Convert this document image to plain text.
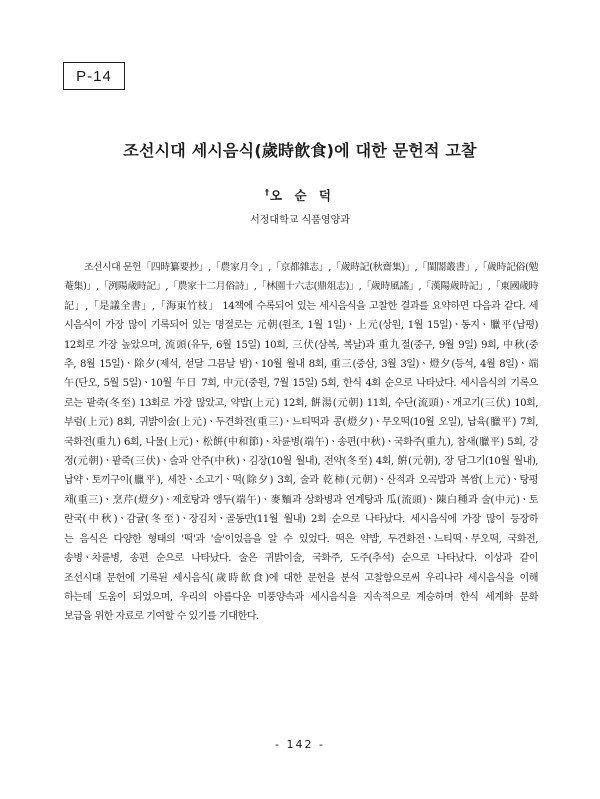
P-14
조선시대 세시음식(歲時飮食)에 대한 문헌적 고찰
†오 순 덕
서정대학교 식품영양과
조선시대 문헌「四時纂要抄」,「農家月令」,「京都雜志」,「歲時記(秋齋集)」,「閨閤叢書」,「歲時記俗(勉
菴集)」,「洌陽歲時記」,「農家十二月俗詩」,「林園十六志(鼎俎志)」,「歲時風謠」,「漢陽歲時記」,「東國歲時
記」,「是議全書」,「海東竹枝」 14책에 수록되어 있는 세시음식을 고찰한 결과를 요약하면 다음과 같다. 세
시음식이 가장 많이 기록되어 있는 명절로는 元朝(원조, 1월 1일)ㆍ上元(상원, 1월 15일)ㆍ동지ㆍ臘平(납평)
12회로 가장 높았으며, 流頭(유두, 6월 15일) 10회, 三伏(삼복, 복날)과 重九절(중구, 9월 9일) 9회, 中秋(중
추, 8월 15일)ㆍ除夕(제석, 섣달 그믐날 밤)ㆍ10월 월내 8회, 重三(중삼, 3월 3일)ㆍ燈夕(등석, 4월 8일)ㆍ端
午(단오, 5월 5일)ㆍ10월 午日 7회, 中元(중원, 7월 15일) 5회, 한식 4회 순으로 나타났다. 세시음식의 기록으
로는 팥죽(冬至) 13회로 가장 많았고, 약밥(上元) 12회, 餠湯(元朝) 11회, 수단(流頭)ㆍ개고기(三伏) 10회,
부럼(上元) 8회, 귀밝이술(上元)ㆍ두견화전(重三)ㆍ느티떡과 콩(燈夕)ㆍ무오떡(10월 오일), 납육(臘平) 7회,
국화전(重九) 6회, 나물(上元)ㆍ松餠(中和節)ㆍ차륜병(端午)ㆍ송편(中秋)ㆍ국화주(重九), 참새(臘平) 5회, 강
정(元朝)ㆍ팥죽(三伏)ㆍ술과 안주(中秋)ㆍ김장(10월 월내), 전약(冬至) 4회, 餠(元朝), 장 담그기(10월 월내),
납약ㆍ토끼구이(臘平), 세찬ㆍ소고기ㆍ떡(除夕) 3회, 술과 乾柿(元朝)ㆍ산적과 오곡밥과 복쌈(上元)ㆍ탕평
채(重三)ㆍ烹芹(燈夕)ㆍ제호탕과 앵두(端午)ㆍ麥麵과 상화병과 연계탕과 瓜(流頭)ㆍ陳白種과 술(中元)ㆍ토
란국(中秋)ㆍ감귤(冬至)ㆍ장김치ㆍ골동반(11월 월내) 2회 순으로 나타났다. 세시음식에 가장 많이 등장하
는 음식은 다양한 형태의 '떡'과 '술'이었음을 알 수 있었다. 떡은 약밥, 두견화전ㆍ느티떡ㆍ무오떡, 국화전,
송병ㆍ차륜병, 송편 순으로 나타났다. 술은 귀밝이술, 국화주, 도주(추석) 순으로 나타났다. 이상과 같이
조선시대 문헌에 기록된 세시음식(歲時飮食)에 대한 문헌을 분석 고찰함으로써 우리나라 세시음식을 이해
하는데 도움이 되었으며, 우리의 아름다운 미풍양속과 세시음식을 지속적으로 계승하며 한식 세계화 문화
보급을 위한 자료로 기여할 수 있기를 기대한다.
- 142 -
